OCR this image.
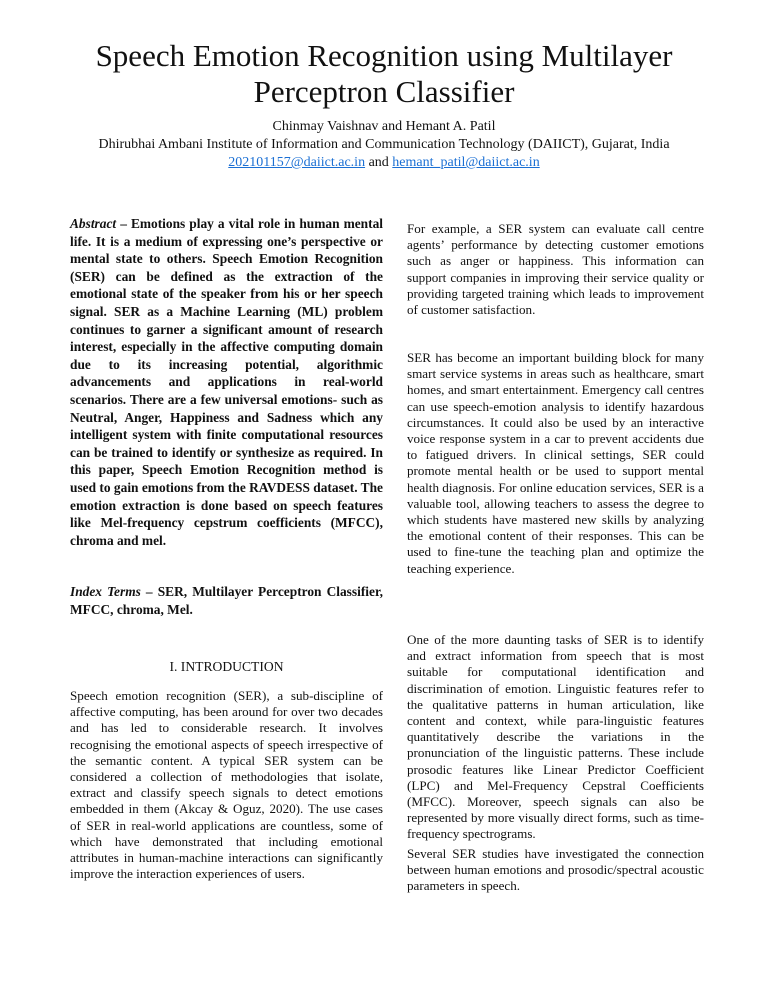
Speech Emotion Recognition using Multilayer
Perceptron Classifier
Chinmay Vaishnav and Hemant A. Patil
Dhirubhai Ambani Institute of Information and Communication Technology (DAIICT), Gujarat, India
202101157@daiict.ac.in and hemant_patil@daiict.ac.in

Abstract – Emotions play a vital role in human mental life. It is a medium of expressing one’s perspective or mental state to others. Speech Emotion Recognition (SER) can be defined as the extraction of the emotional state of the speaker from his or her speech signal. SER as a Machine Learning (ML) problem continues to garner a significant amount of research interest, especially in the affective computing domain due to its increasing potential, algorithmic advancements and applications in real-world scenarios. There are a few universal emotions- such as Neutral, Anger, Happiness and Sadness which any intelligent system with finite computational resources can be trained to identify or synthesize as required. In this paper, Speech Emotion Recognition method is used to gain emotions from the RAVDESS dataset. The emotion extraction is done based on speech features like Mel-frequency cepstrum coefficients (MFCC), chroma and mel.

Index Terms – SER, Multilayer Perceptron Classifier, MFCC, chroma, Mel.

I. INTRODUCTION

Speech emotion recognition (SER), a sub-discipline of affective computing, has been around for over two decades and has led to considerable research. It involves recognising the emotional aspects of speech irrespective of the semantic content. A typical SER system can be considered a collection of methodologies that isolate, extract and classify speech signals to detect emotions embedded in them (Akcay & Oguz, 2020). The use cases of SER in real-world applications are countless, some of which have demonstrated that including emotional attributes in human-machine interactions can significantly improve the interaction experiences of users.

For example, a SER system can evaluate call centre agents’ performance by detecting customer emotions such as anger or happiness. This information can support companies in improving their service quality or providing targeted training which leads to improvement of customer satisfaction.

SER has become an important building block for many smart service systems in areas such as healthcare, smart homes, and smart entertainment. Emergency call centres can use speech-emotion analysis to identify hazardous circumstances. It could also be used by an interactive voice response system in a car to prevent accidents due to fatigued drivers. In clinical settings, SER could promote mental health or be used to support mental health diagnosis. For online education services, SER is a valuable tool, allowing teachers to assess the degree to which students have mastered new skills by analyzing the emotional content of their responses. This can be used to fine-tune the teaching plan and optimize the teaching experience.

One of the more daunting tasks of SER is to identify and extract information from speech that is most suitable for computational identification and discrimination of emotion. Linguistic features refer to the qualitative patterns in human articulation, like content and context, while para-linguistic features quantitatively describe the variations in the pronunciation of the linguistic patterns. These include prosodic features like Linear Predictor Coefficient (LPC) and Mel-Frequency Cepstral Coefficients (MFCC). Moreover, speech signals can also be represented by more visually direct forms, such as time-frequency spectrograms.

Several SER studies have investigated the connection between human emotions and prosodic/spectral acoustic parameters in speech.
